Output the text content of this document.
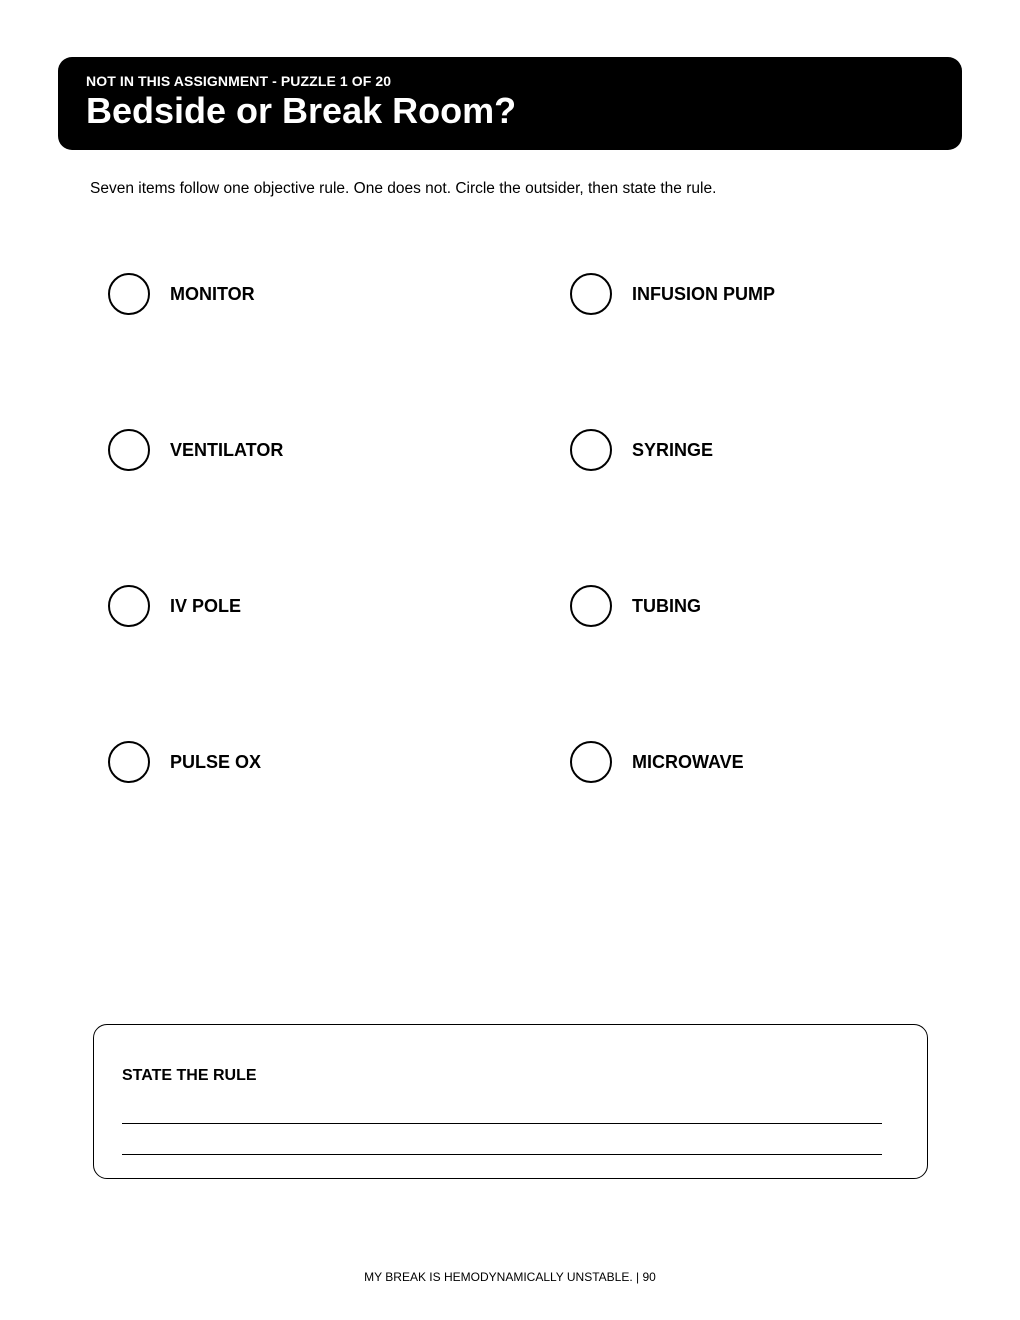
NOT IN THIS ASSIGNMENT - PUZZLE 1 OF 20
Bedside or Break Room?
Seven items follow one objective rule. One does not. Circle the outsider, then state the rule.
MONITOR	INFUSION PUMP
VENTILATOR	SYRINGE
IV POLE	TUBING
PULSE OX	MICROWAVE
STATE THE RULE
MY BREAK IS HEMODYNAMICALLY UNSTABLE. | 90
